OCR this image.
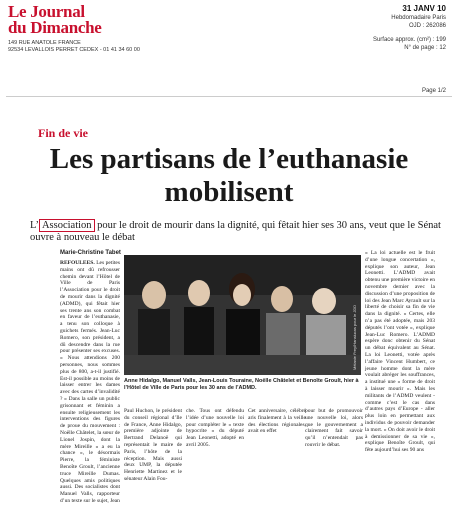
Le Journal
du Dimanche
149 RUE ANATOLE FRANCE
92534 LEVALLOIS PERRET CEDEX - 01 41 34 60 00
31 JANV 10
Hebdomadaire Paris
OJD : 262086
Surface approx. (cm²) : 199
N° de page : 12
Page 1/2
Fin de vie
Les partisans de l’euthanasie
mobilisent
L’ Association pour le droit de mourir dans la dignité, qui fêtait hier ses 30 ans, veut que le Sénat ouvre à nouveau le débat
Marie-Christine Tabet
REFOULEES. Les petites mains ont dû refrousser chemin devant l’Hôtel de Ville de Paris l’Association pour le droit de mourir dans la dignité (ADMD), qui fêtait hier ses trente ans son combat en faveur de l’euthanasie, a tenu son colloque à guichets fermés. Jean-Luc Romero, son président, a dû descendre dans la rue pour présenter ses excuses. « Nous attendions 200 personnes, nous sommes plus de 800, a-t-il justifié. Est-il possible au moins de laisser entrer les dames avec des cartes d’invalidité ? » Dans la salle un public grisonnant et féminin a ensuite religieusement les interventions des figures de proue du mouvement : Noëlle Châtelet, la sœur de Lionel Jospin, dont la mère Mireille « a eu la chance », le désormais Pierre, la féministe Benoîte Groult, l’ancienne truce Mireille Dumas. Quelques amis politiques aussi. Des socialistes dont Manuel Valls, rapporteur d’un texte sur le sujet, Jean
Mélanie Frey/Hanslucas pour le JDD
Anne Hidalgo, Manuel Valls, Jean-Louis Touraine, Noëlle Châtelet et Benoîte Groult, hier à l’Hôtel de Ville de Paris pour les 30 ans de l’ADMD.
Paul Huchon, le président du conseil régional d’Ile de France, Anne Hidalgo, première adjointe de Bertrand Delanoë qui représentait le maire de Paris, l’hôte de la réception. Mais aussi deux UMP, la députée Henriette Martinez et le sénateur Alain Fou-
che. Tous ont défendu l’idée d’une nouvelle loi pour compléter le « texte hypocrite » du député Jean Leonetti, adopté en avril 2005.
Cet anniversaire, célébré aris finalement à la veille des élections régionales, avait en effet
pour but de promouvoir une nouvelle loi, alors que le gouvernement a clairement fait savoir qu’il n’entendait pas rouvrir le débat.
« La loi actuelle est le fruit d’une longue concertation », explique son auteur, Jean Leonetti. L’ADMD avait obtenu une première victoire en novembre dernier avec la discussion d’une proposition de loi des Jean Marc Ayrault sur la liberté de choisir sa fin de vie dans la dignité. « Certes, elle n’a pas été adoptée, mais 203 députés l’ont votée », explique Jean-Luc Romero. L’ADMD espère donc obtenir du Sénat un débat équivalent au Sénat. La loi Leonetti, votée après l’affaire Vincent Humbert, ce jeune homme dont la mère voulait abréger les souffrances, a institué une « forme de droit à laisser mourir ». Mais les militants de l’ADMD veulent - comme c’est le cas dans d’autres pays d’Europe - aller plus loin en permettant aux individus de pouvoir demander la mort. « On doit avoir le droit à demissionner de sa vie », explique Benoîte Groult, qui fête aujourd’hui ses 90 ans
